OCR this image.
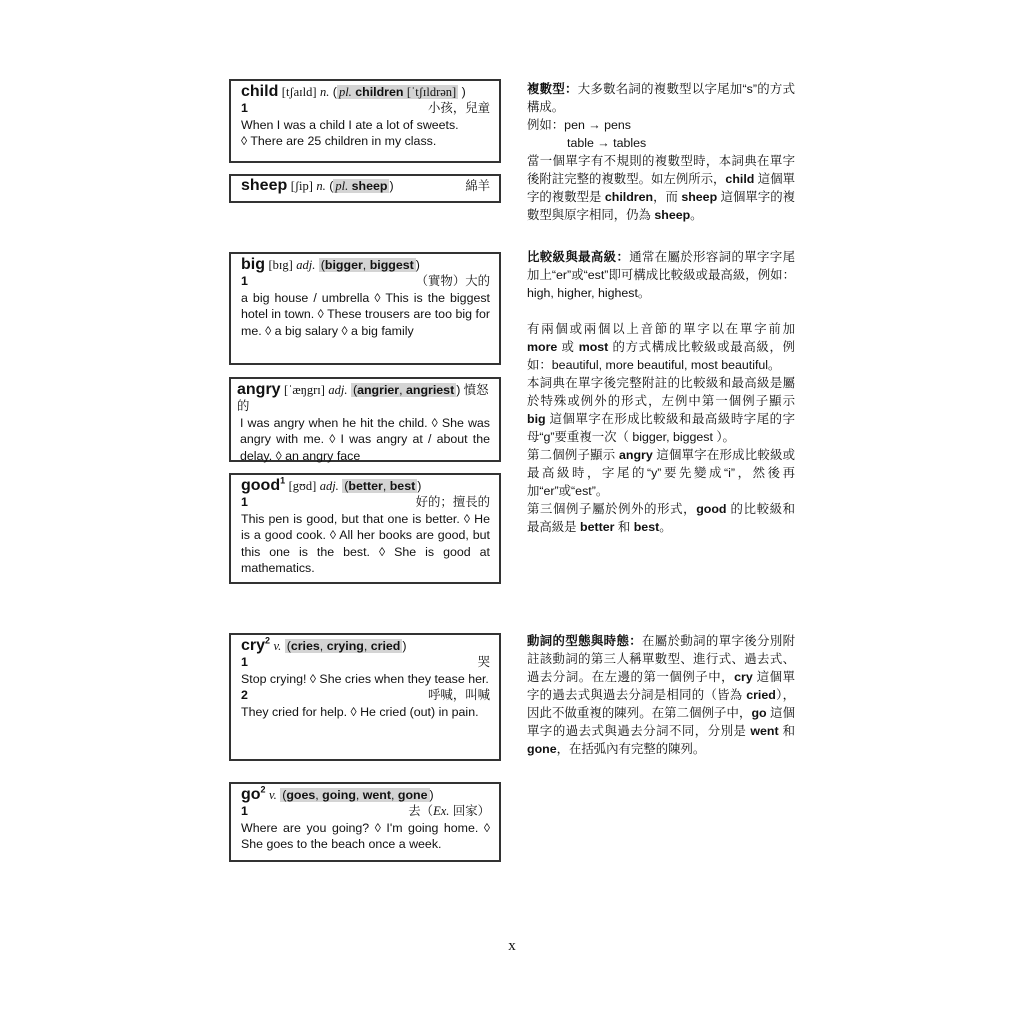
child [tʃaɪld] n. ( pl. children [ˈtʃɪldrən] )
1	小孩，兒童
When I was a child I ate a lot of sweets.
◊ There are 25 children in my class.
sheep [ʃip] n. ( pl. sheep )	綿羊
big [bɪg] adj. (bigger, biggest )
1	（實物）大的
a big house / umbrella ◊ This is the biggest hotel in town. ◊ These trousers are too big for me. ◊ a big salary ◊ a big family
angry [ˈæŋgrɪ] adj. (angrier, angriest ) 憤怒的
I was angry when he hit the child. ◊ She was angry with me. ◊ I was angry at / about the delay. ◊ an angry face
good$^1$ [gʊd] adj. (better, best )
1	好的；擅長的
This pen is good, but that one is better. ◊ He is a good cook. ◊ All her books are good, but this one is the best. ◊ She is good at mathematics.
cry$^2$ v. (cries, crying, cried )
1	哭
Stop crying! ◊ She cries when they tease her.
2	呼喊，叫喊
They cried for help. ◊ He cried (out) in pain.
$go^2$ v. (goes, going, went, gone )
1	去（Ex. 回家）
Where are you going? ◊ I'm going home. ◊ She goes to the beach once a week.

複數型：大多數名詞的複數型以字尾加“s”的方式構成。

例如：pen → pens

table → tables

當一個單字有不規則的複數型時，本詞典在單字後附註完整的複數型。如左例所示，child 這個單字的複數型是 children，而 sheep 這個單字的複數型與原字相同，仍為 sheep。

比較級與最高級：通常在屬於形容詞的單字字尾加上“er”或“est”即可構成比較級或最高級，例如：high, higher, highest。

有兩個或兩個以上音節的單字以在單字前加 more 或 most 的方式構成比較級或最高級，例如：beautiful, more beautiful, most beautiful。

本詞典在單字後完整附註的比較級和最高級是屬於特殊或例外的形式，左例中第一個例子顯示 big 這個單字在形成比較級和最高級時字尾的字母“g”要重複一次（ bigger, biggest ）。

第二個例子顯示 angry 這個單字在形成比較級或最高級時，字尾的“y”要先變成“i”，然後再加“er”或“est”。

第三個例子屬於例外的形式，good 的比較級和最高級是 better 和 best。

動詞的型態與時態：在屬於動詞的單字後分別附註該動詞的第三人稱單數型、進行式、過去式、過去分詞。在左邊的第一個例子中，cry 這個單字的過去式與過去分詞是相同的（皆為 cried），因此不做重複的陳列。在第二個例子中，go 這個單字的過去式與過去分詞不同，分別是 went 和 gone，在括弧內有完整的陳列。

x
